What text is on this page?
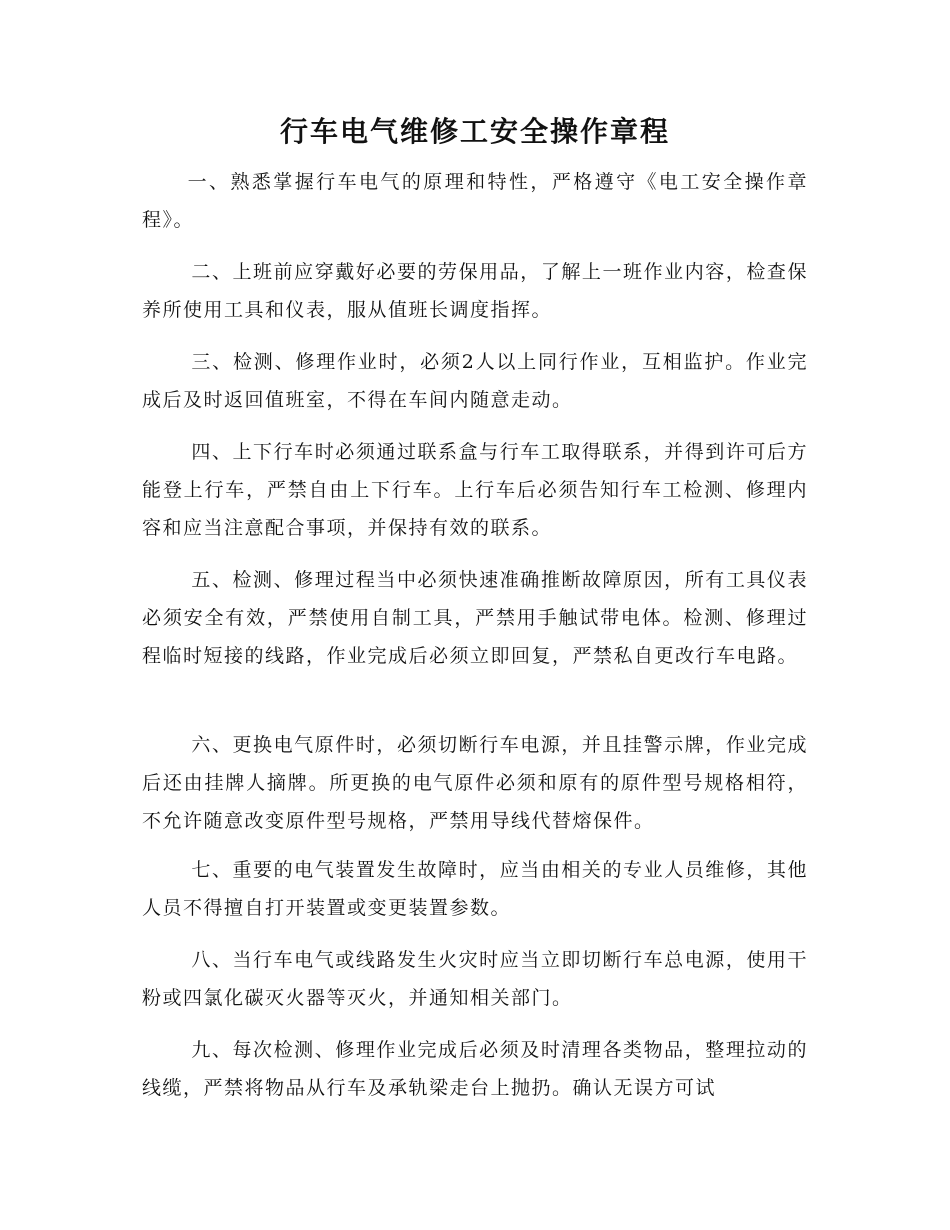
行车电气维修工安全操作章程

一、熟悉掌握行车电气的原理和特性，严格遵守《电工安全操作章程》。

二、上班前应穿戴好必要的劳保用品，了解上一班作业内容，检查保养所使用工具和仪表，服从值班长调度指挥。

三、检测、修理作业时，必须2人以上同行作业，互相监护。作业完成后及时返回值班室，不得在车间内随意走动。

四、上下行车时必须通过联系盒与行车工取得联系，并得到许可后方能登上行车，严禁自由上下行车。上行车后必须告知行车工检测、修理内容和应当注意配合事项，并保持有效的联系。

五、检测、修理过程当中必须快速准确推断故障原因，所有工具仪表必须安全有效，严禁使用自制工具，严禁用手触试带电体。检测、修理过程临时短接的线路，作业完成后必须立即回复，严禁私自更改行车电路。

六、更换电气原件时，必须切断行车电源，并且挂警示牌，作业完成后还由挂牌人摘牌。所更换的电气原件必须和原有的原件型号规格相符，不允许随意改变原件型号规格，严禁用导线代替熔保件。

七、重要的电气装置发生故障时，应当由相关的专业人员维修，其他人员不得擅自打开装置或变更装置参数。

八、当行车电气或线路发生火灾时应当立即切断行车总电源，使用干粉或四氯化碳灭火器等灭火，并通知相关部门。

九、每次检测、修理作业完成后必须及时清理各类物品，整理拉动的线缆，严禁将物品从行车及承轨梁走台上抛扔。确认无误方可试
